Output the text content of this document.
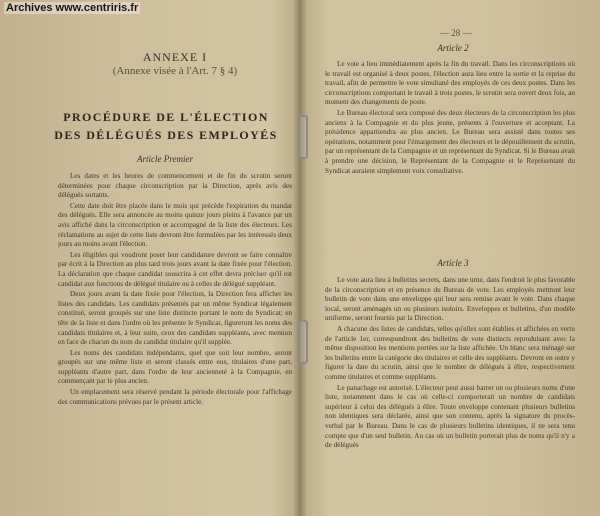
Archives www.centriris.fr
ANNEXE I
(Annexe visée à l'Art. 7 § 4)
PROCÉDURE DE L'ÉLECTION
DES DÉLÉGUÉS DES EMPLOYÉS
Article Premier

Les dates et les heures de commencement et de fin du scrutin seront déterminées pour chaque circonscription par la Direction, après avis des délégués sortants.

Cette date doit être placée dans le mois qui précède l'expiration du mandat des délégués. Elle sera annoncée au moins quinze jours pleins à l'avance par un avis affiché dans la circonscription et accompagné de la liste des électeurs. Les réclamations au sujet de cette liste devront être formulées par les intéressés deux jours au moins avant l'élection.

Les éligibles qui voudront poser leur candidature devront se faire connaître par écrit à la Direction au plus tard trois jours avant la date fixée pour l'élection. La déclaration que chaque candidat souscrira à cet effet devra préciser qu'il est candidat aux fonctions de délégué titulaire ou à celles de délégué suppléant.

Deux jours avant la date fixée pour l'élection, la Direction fera afficher les listes des candidats. Les candidats présentés par un même Syndicat légalement constitué, seront groupés sur une liste distincte portant le nom du Syndicat; en tête de la liste et dans l'ordre où les présente le Syndicat, figureront les noms des candidats titulaires et, à leur suite, ceux des candidats suppléants, avec mention en face de chacun du nom du candidat titulaire qu'il supplée.

Les noms des candidats indépendants, quel que soit leur nombre, seront groupés sur une même liste et seront classés entre eux, titulaires d'une part, suppléants d'autre part, dans l'ordre de leur ancienneté à la Compagnie, en commençant par le plus ancien.

Un emplacement sera réservé pendant la période électorale pour l'affichage des communications prévues par le présent article.

— 28 —
Article 2

Le vote a lieu immédiatement après la fin du travail. Dans les circonscriptions où le travail est organisé à deux postes, l'élection aura lieu entre la sortie et la reprise du travail, afin de permettre le vote simultané des employés de ces deux postes. Dans les circonscriptions comportant le travail à trois postes, le scrutin sera ouvert deux fois, au moment des changements de poste.

Le Bureau électoral sera composé des deux électeurs de la circonscription les plus anciens à la Compagnie et du plus jeune, présents à l'ouverture et acceptant. La présidence appartiendra au plus ancien. Le Bureau sera assisté dans toutes ses opérations, notamment pour l'émargement des électeurs et le dépouillement du scrutin, par un représentant de la Compagnie et un représentant du Syndicat. Si le Bureau avait à prendre une décision, le Représentant de la Compagnie et le Représentant du Syndicat auraient simplement voix consultative.

Article 3

Le vote aura lieu à bulletins secrets, dans une urne, dans l'endroit le plus favorable de la circonscription et en présence du Bureau de vote. Les employés mettront leur bulletin de vote dans une enveloppe qui leur sera remise avant le vote. Dans chaque local, seront aménagés un ou plusieurs isoloirs. Enveloppes et bulletins, d'un modèle uniforme, seront fournis par la Direction.

A chacune des listes de candidats, telles qu'elles sont établies et affichées en vertu de l'article 1er, correspondront des bulletins de vote distincts reproduisant avec la même disposition les mentions portées sur la liste affichée. Un blanc sera ménagé sur les bulletins entre la catégorie des titulaires et celle des suppléants. Devront en outre y figurer la date du scrutin, ainsi que le nombre de délégués à élire, respectivement comme titulaires et comme suppléants.

Le panachage est autorisé. L'électeur peut aussi barrer un ou plusieurs noms d'une liste, notamment dans le cas où celle-ci comporterait un nombre de candidats supérieur à celui des délégués à élire. Toute enveloppe contenant plusieurs bulletins non identiques sera déclarée, ainsi que son contenu, après la signature du procès-verbal par le Bureau. Dans le cas de plusieurs bulletins identiques, il ne sera tenu compte que d'un seul bulletin. Au cas où un bulletin porterait plus de noms qu'il n'y a de délégués
